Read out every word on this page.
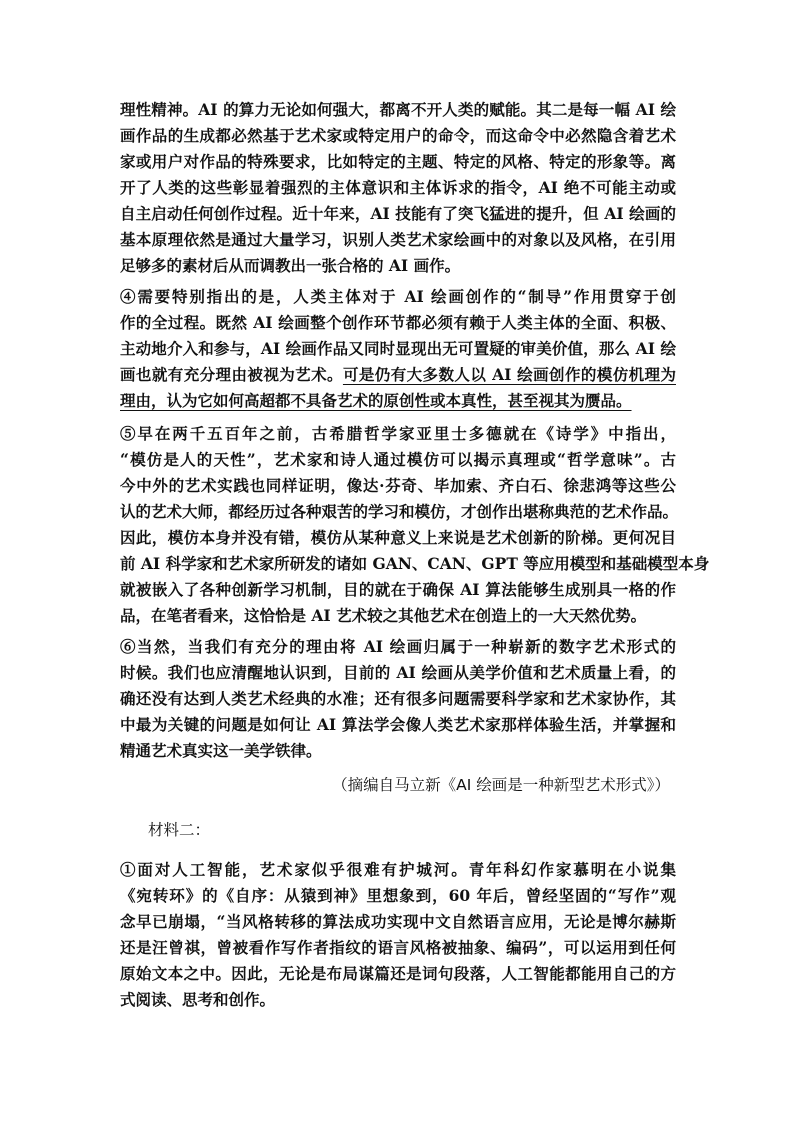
理性精神。AI 的算力无论如何强大，都离不开人类的赋能。其二是每一幅 AI 绘
画作品的生成都必然基于艺术家或特定用户的命令，而这命令中必然隐含着艺术
家或用户对作品的特殊要求，比如特定的主题、特定的风格、特定的形象等。离
开了人类的这些彰显着强烈的主体意识和主体诉求的指令，AI 绝不可能主动或
自主启动任何创作过程。近十年来，AI 技能有了突飞猛进的提升，但 AI 绘画的
基本原理依然是通过大量学习，识别人类艺术家绘画中的对象以及风格，在引用
足够多的素材后从而调教出一张合格的 AI 画作。
④需要特别指出的是，人类主体对于 AI 绘画创作的“制导”作用贯穿于创
作的全过程。既然 AI 绘画整个创作环节都必须有赖于人类主体的全面、积极、
主动地介入和参与，AI 绘画作品又同时显现出无可置疑的审美价值，那么 AI 绘
画也就有充分理由被视为艺术。可是仍有大多数人以 AI 绘画创作的模仿机理为
理由，认为它如何高超都不具备艺术的原创性或本真性，甚至视其为赝品。
⑤早在两千五百年之前，古希腊哲学家亚里士多德就在《诗学》中指出，
“模仿是人的天性”，艺术家和诗人通过模仿可以揭示真理或“哲学意味”。古
今中外的艺术实践也同样证明，像达·芬奇、毕加索、齐白石、徐悲鸿等这些公
认的艺术大师，都经历过各种艰苦的学习和模仿，才创作出堪称典范的艺术作品。
因此，模仿本身并没有错，模仿从某种意义上来说是艺术创新的阶梯。更何况目
前 AI 科学家和艺术家所研发的诸如 GAN、CAN、GPT 等应用模型和基础模型本身
就被嵌入了各种创新学习机制，目的就在于确保 AI 算法能够生成别具一格的作
品，在笔者看来，这恰恰是 AI 艺术较之其他艺术在创造上的一大天然优势。
⑥当然，当我们有充分的理由将 AI 绘画归属于一种崭新的数字艺术形式的
时候。我们也应清醒地认识到，目前的 AI 绘画从美学价值和艺术质量上看，的
确还没有达到人类艺术经典的水准；还有很多问题需要科学家和艺术家协作，其
中最为关键的问题是如何让 AI 算法学会像人类艺术家那样体验生活，并掌握和
精通艺术真实这一美学铁律。
（摘编自马立新《AI 绘画是一种新型艺术形式》）
材料二：
①面对人工智能，艺术家似乎很难有护城河。青年科幻作家慕明在小说集
《宛转环》的《自序：从猿到神》里想象到，60 年后，曾经坚固的“写作”观
念早已崩塌，“当风格转移的算法成功实现中文自然语言应用，无论是博尔赫斯
还是汪曾祺，曾被看作写作者指纹的语言风格被抽象、编码”，可以运用到任何
原始文本之中。因此，无论是布局谋篇还是词句段落，人工智能都能用自己的方
式阅读、思考和创作。
